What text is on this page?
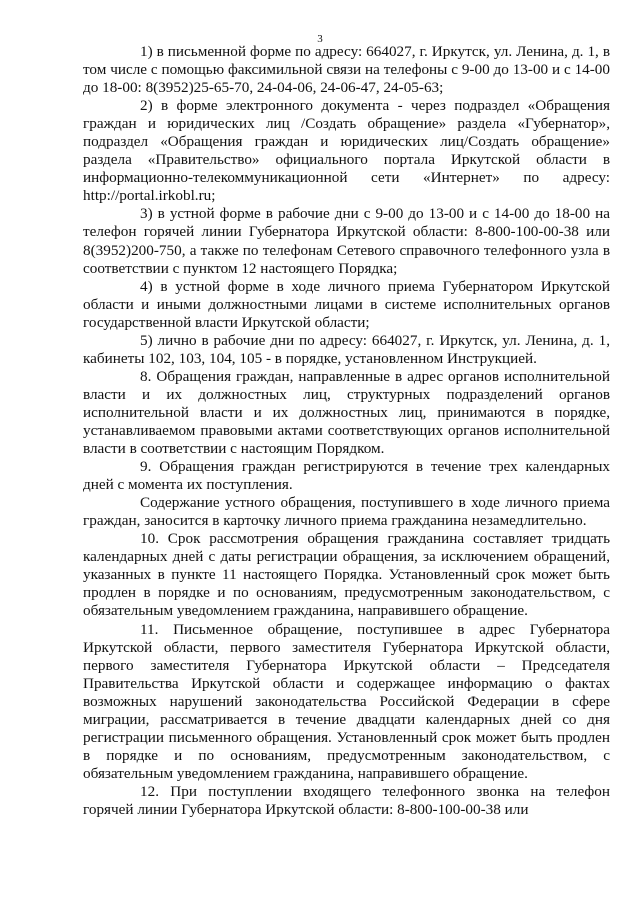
3

1) в письменной форме по адресу: 664027, г. Иркутск, ул. Ленина, д. 1, в том числе с помощью факсимильной связи на телефоны с 9-00 до 13-00 и с 14-00 до 18-00: 8(3952)25-65-70, 24-04-06, 24-06-47, 24-05-63;

2) в форме электронного документа - через подраздел «Обращения граждан и юридических лиц /Создать обращение» раздела «Губернатор», подраздел «Обращения граждан и юридических лиц/Создать обращение» раздела «Правительство» официального портала Иркутской области в информационно-телекоммуникационной сети «Интернет» по адресу: http://portal.irkobl.ru;

3) в устной форме в рабочие дни с 9-00 до 13-00 и с 14-00 до 18-00 на телефон горячей линии Губернатора Иркутской области: 8-800-100-00-38 или 8(3952)200-750, а также по телефонам Сетевого справочного телефонного узла в соответствии с пунктом 12 настоящего Порядка;

4) в устной форме в ходе личного приема Губернатором Иркутской области и иными должностными лицами в системе исполнительных органов государственной власти Иркутской области;

5) лично в рабочие дни по адресу: 664027, г. Иркутск, ул. Ленина, д. 1, кабинеты 102, 103, 104, 105 - в порядке, установленном Инструкцией.

8. Обращения граждан, направленные в адрес органов исполнительной власти и их должностных лиц, структурных подразделений органов исполнительной власти и их должностных лиц, принимаются в порядке, устанавливаемом правовыми актами соответствующих органов исполнительной власти в соответствии с настоящим Порядком.

9. Обращения граждан регистрируются в течение трех календарных дней с момента их поступления.

Содержание устного обращения, поступившего в ходе личного приема граждан, заносится в карточку личного приема гражданина незамедлительно.

10. Срок рассмотрения обращения гражданина составляет тридцать календарных дней с даты регистрации обращения, за исключением обращений, указанных в пункте 11 настоящего Порядка. Установленный срок может быть продлен в порядке и по основаниям, предусмотренным законодательством, с обязательным уведомлением гражданина, направившего обращение.

11. Письменное обращение, поступившее в адрес Губернатора Иркутской области, первого заместителя Губернатора Иркутской области, первого заместителя Губернатора Иркутской области – Председателя Правительства Иркутской области и содержащее информацию о фактах возможных нарушений законодательства Российской Федерации в сфере миграции, рассматривается в течение двадцати календарных дней со дня регистрации письменного обращения. Установленный срок может быть продлен в порядке и по основаниям, предусмотренным законодательством, с обязательным уведомлением гражданина, направившего обращение.

12. При поступлении входящего телефонного звонка на телефон горячей линии Губернатора Иркутской области: 8-800-100-00-38 или
